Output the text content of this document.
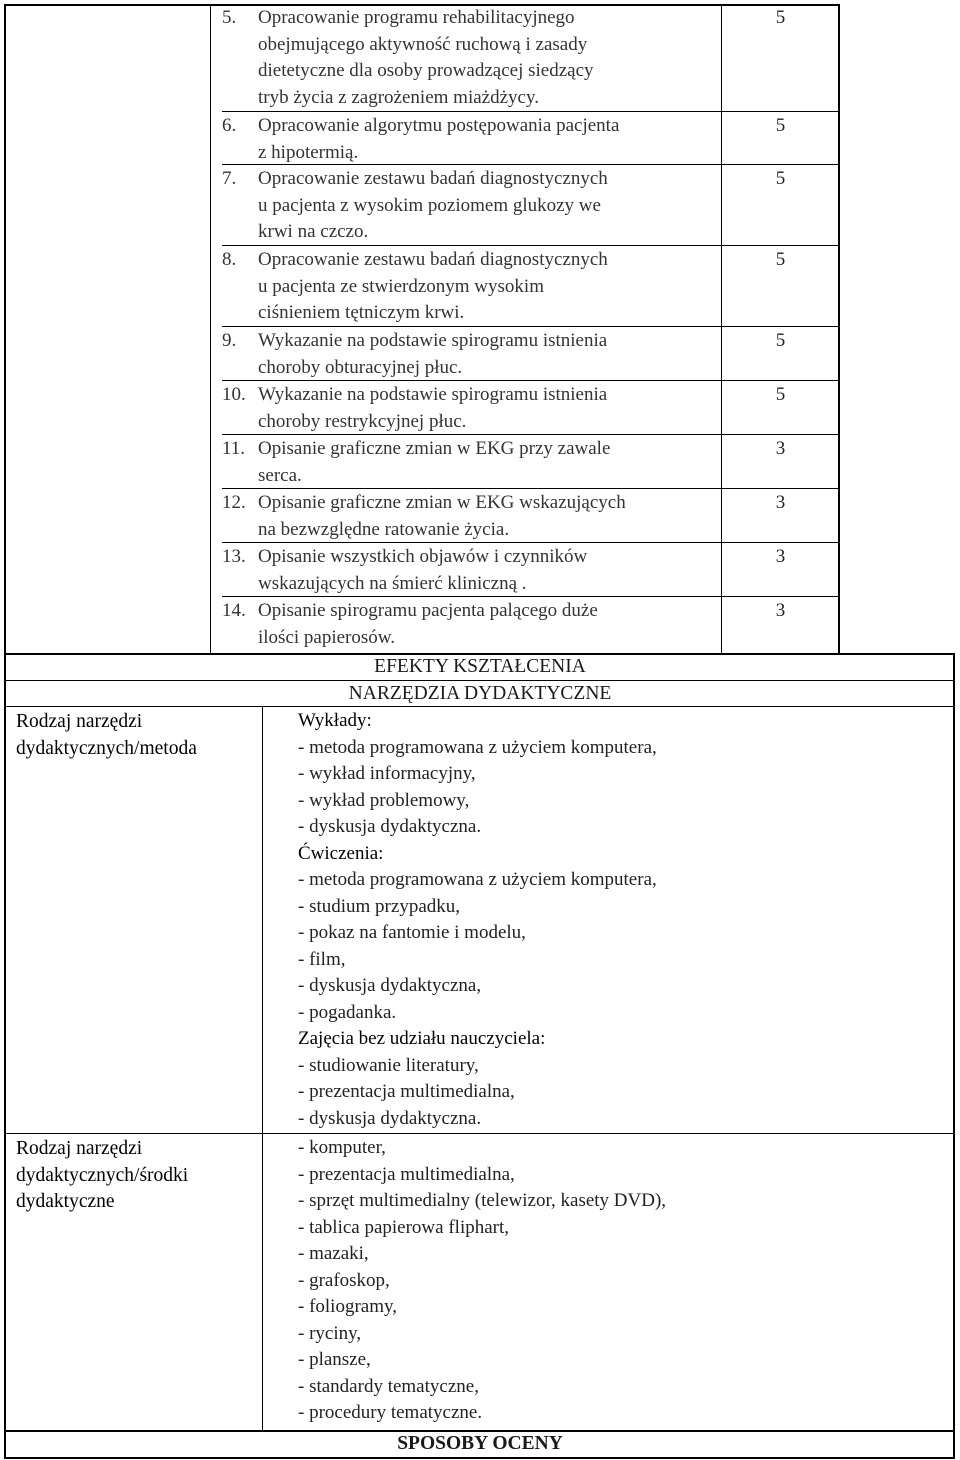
5. Opracowanie programu rehabilitacyjnego
obejmującego aktywność ruchową i zasady
dietetyczne dla osoby prowadzącej siedzący
tryb życia z zagrożeniem miażdżycy.
6. Opracowanie algorytmu postępowania pacjenta
z hipotermią.
7. Opracowanie zestawu badań diagnostycznych
u pacjenta z wysokim poziomem glukozy we
krwi na czczo.
8. Opracowanie zestawu badań diagnostycznych
u pacjenta ze stwierdzonym wysokim
ciśnieniem tętniczym krwi.
9. Wykazanie na podstawie spirogramu istnienia
choroby obturacyjnej płuc.
10. Wykazanie na podstawie spirogramu istnienia
choroby restrykcyjnej płuc.
11. Opisanie graficzne zmian w EKG przy zawale
serca.
12. Opisanie graficzne zmian w EKG wskazujących
na bezwzględne ratowanie życia.
13. Opisanie wszystkich objawów i czynników
wskazujących na śmierć kliniczną .
14. Opisanie spirogramu pacjenta palącego duże
ilości papierosów.
5
5
5
5
5
5
3
3
3
3
EFEKTY KSZTAŁCENIA
NARZĘDZIA DYDAKTYCZNE
SPOSOBY OCENY
Rodzaj narzędzi
dydaktycznych/metoda
Wykłady:
- metoda programowana z użyciem komputera,
- wykład informacyjny,
- wykład problemowy,
- dyskusja dydaktyczna.
Ćwiczenia:
- metoda programowana z użyciem komputera,
- studium przypadku,
- pokaz na fantomie i modelu,
- film,
- dyskusja dydaktyczna,
- pogadanka.
Zajęcia bez udziału nauczyciela:
- studiowanie literatury,
- prezentacja multimedialna,
- dyskusja dydaktyczna.
Rodzaj narzędzi
dydaktycznych/środki
dydaktyczne
- komputer,
- prezentacja multimedialna,
- sprzęt multimedialny (telewizor, kasety DVD),
- tablica papierowa fliphart,
- mazaki,
- grafoskop,
- foliogramy,
- ryciny,
- plansze,
- standardy tematyczne,
- procedury tematyczne.
